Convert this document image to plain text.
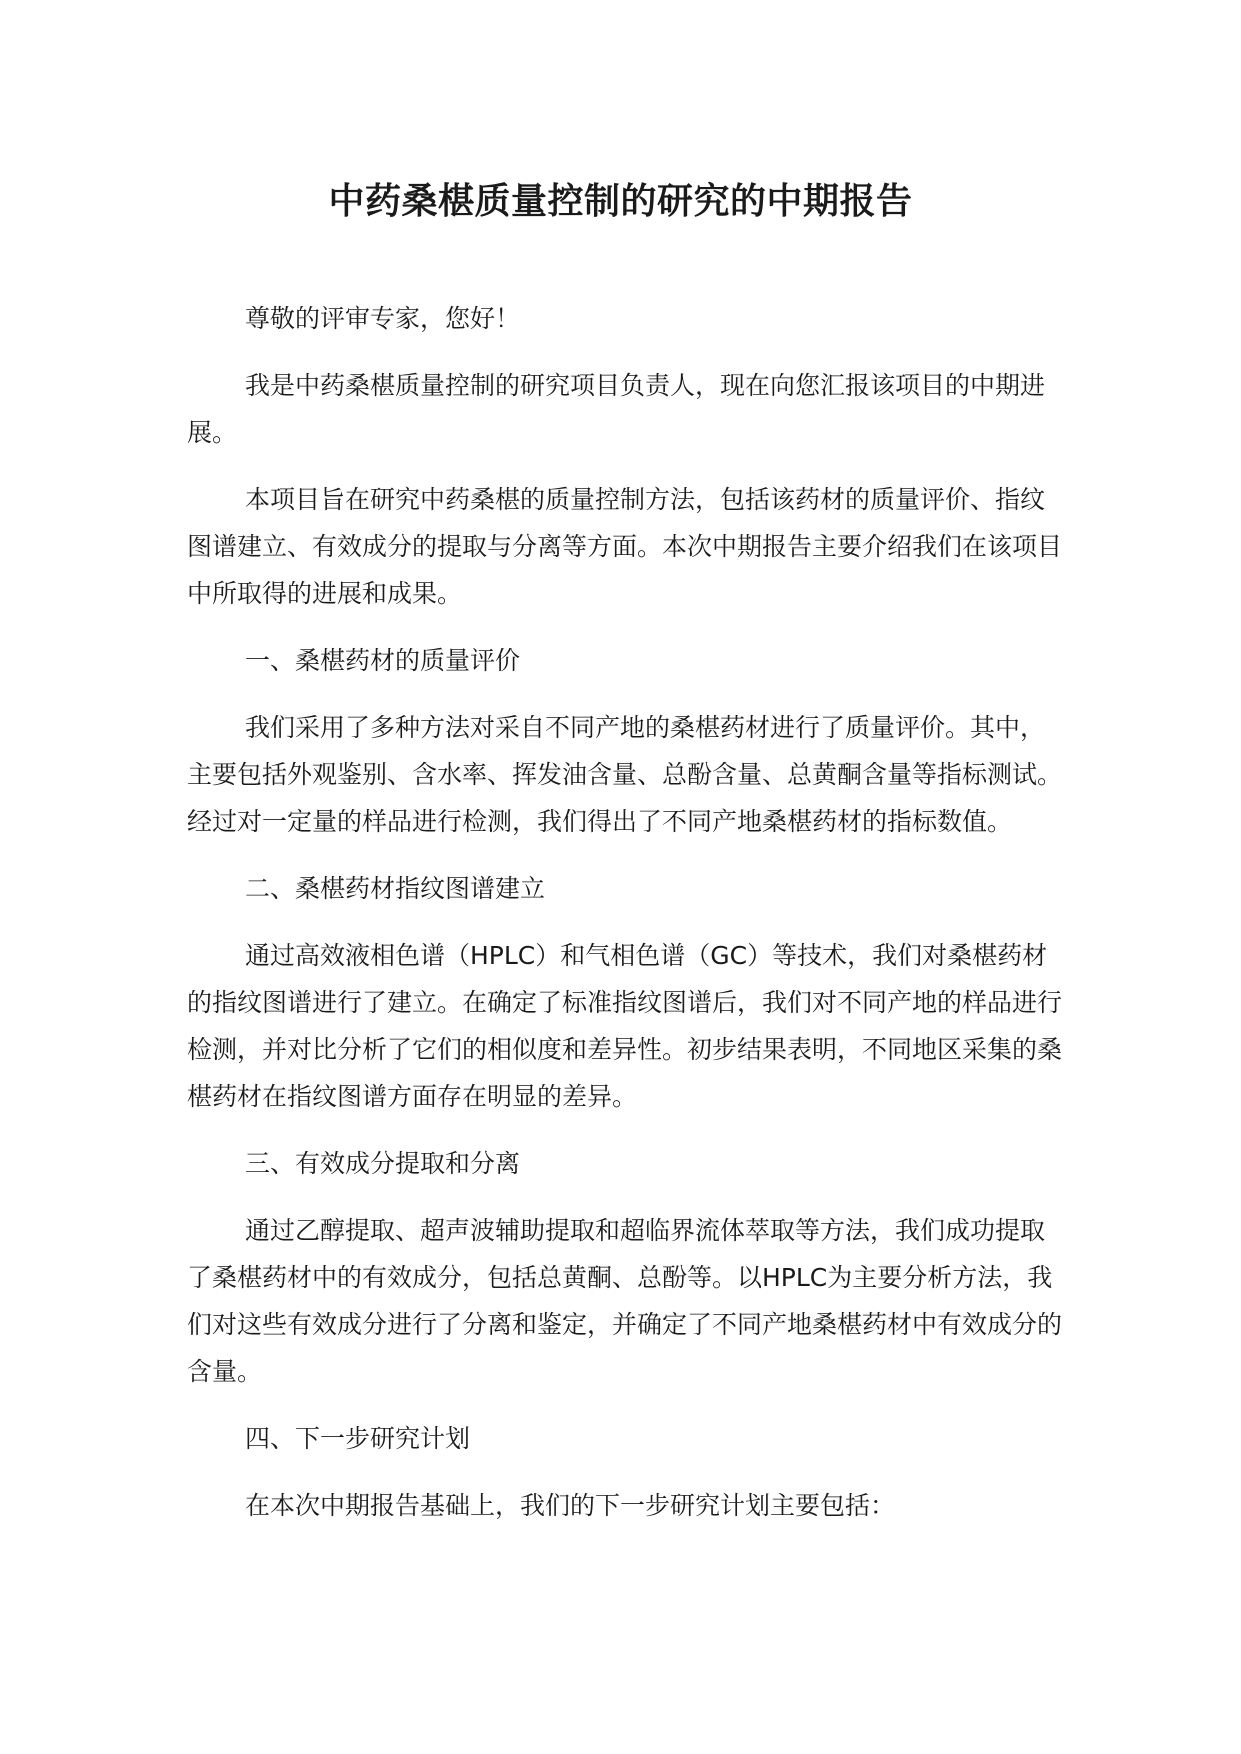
中药桑椹质量控制的研究的中期报告

尊敬的评审专家，您好！

我是中药桑椹质量控制的研究项目负责人，现在向您汇报该项目的中期进展。

本项目旨在研究中药桑椹的质量控制方法，包括该药材的质量评价、指纹图谱建立、有效成分的提取与分离等方面。本次中期报告主要介绍我们在该项目中所取得的进展和成果。

一、桑椹药材的质量评价

我们采用了多种方法对采自不同产地的桑椹药材进行了质量评价。其中，主要包括外观鉴别、含水率、挥发油含量、总酚含量、总黄酮含量等指标测试。经过对一定量的样品进行检测，我们得出了不同产地桑椹药材的指标数值。

二、桑椹药材指纹图谱建立

通过高效液相色谱（HPLC）和气相色谱（GC）等技术，我们对桑椹药材的指纹图谱进行了建立。在确定了标准指纹图谱后，我们对不同产地的样品进行检测，并对比分析了它们的相似度和差异性。初步结果表明，不同地区采集的桑椹药材在指纹图谱方面存在明显的差异。

三、有效成分提取和分离

通过乙醇提取、超声波辅助提取和超临界流体萃取等方法，我们成功提取了桑椹药材中的有效成分，包括总黄酮、总酚等。以HPLC为主要分析方法，我们对这些有效成分进行了分离和鉴定，并确定了不同产地桑椹药材中有效成分的含量。

四、下一步研究计划

在本次中期报告基础上，我们的下一步研究计划主要包括：
